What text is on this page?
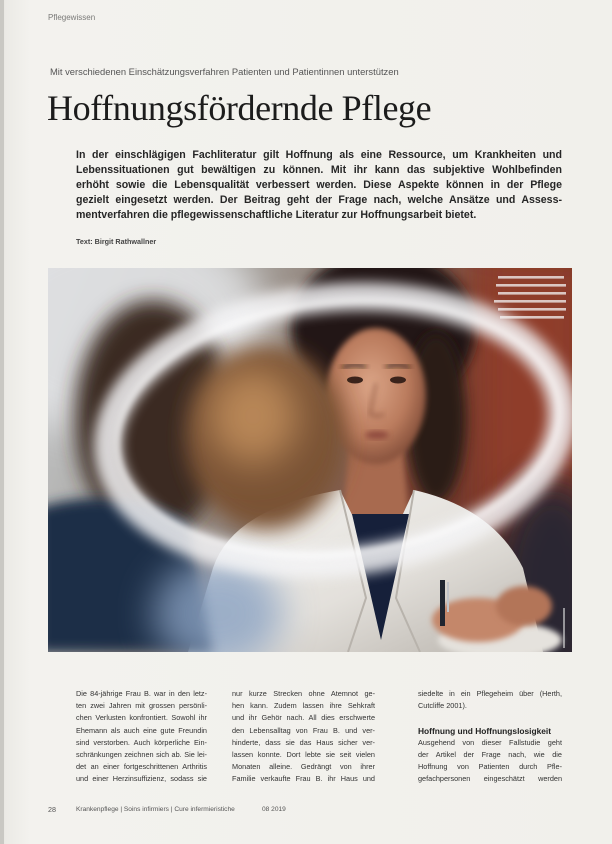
Pflegewissen
Mit verschiedenen Einschätzungsverfahren Patienten und Patientinnen unterstützen
Hoffnungsfördernde Pflege
In der einschlägigen Fachliteratur gilt Hoffnung als eine Ressource, um Krankheiten und
Lebenssituationen gut bewältigen zu können. Mit ihr kann das subjektive Wohlbefinden
erhöht sowie die Lebensqualität verbessert werden. Diese Aspekte können in der Pflege
gezielt eingesetzt werden. Der Beitrag geht der Frage nach, welche Ansätze und Assess-
mentverfahren die pflegewissenschaftliche Literatur zur Hoffnungsarbeit bietet.
Text: Birgit Rathwallner
Die 84-jährige Frau B. war in den letz-
ten zwei Jahren mit grossen persönli-
chen Verlusten konfrontiert. Sowohl ihr
Ehemann als auch eine gute Freundin
sind verstorben. Auch körperliche Ein-
schränkungen zeichnen sich ab. Sie lei-
det an einer fortgeschrittenen Arthritis
und einer Herzinsuffizienz, sodass sie
nur kurze Strecken ohne Atemnot ge-
hen kann. Zudem lassen ihre Sehkraft
und ihr Gehör nach. All dies erschwerte
den Lebensalltag von Frau B. und ver-
hinderte, dass sie das Haus sicher ver-
lassen konnte. Dort lebte sie seit vielen
Monaten alleine. Gedrängt von ihrer
Familie verkaufte Frau B. ihr Haus und
siedelte in ein Pflegeheim über (Herth,
Cutcliffe 2001).
Hoffnung und Hoffnungslosigkeit
Ausgehend von dieser Fallstudie geht
der Artikel der Frage nach, wie die
Hoffnung von Patienten durch Pfle-
gefachpersonen eingeschätzt werden
28	Krankenpflege | Soins infirmiers | Cure infermieristiche	08 2019
